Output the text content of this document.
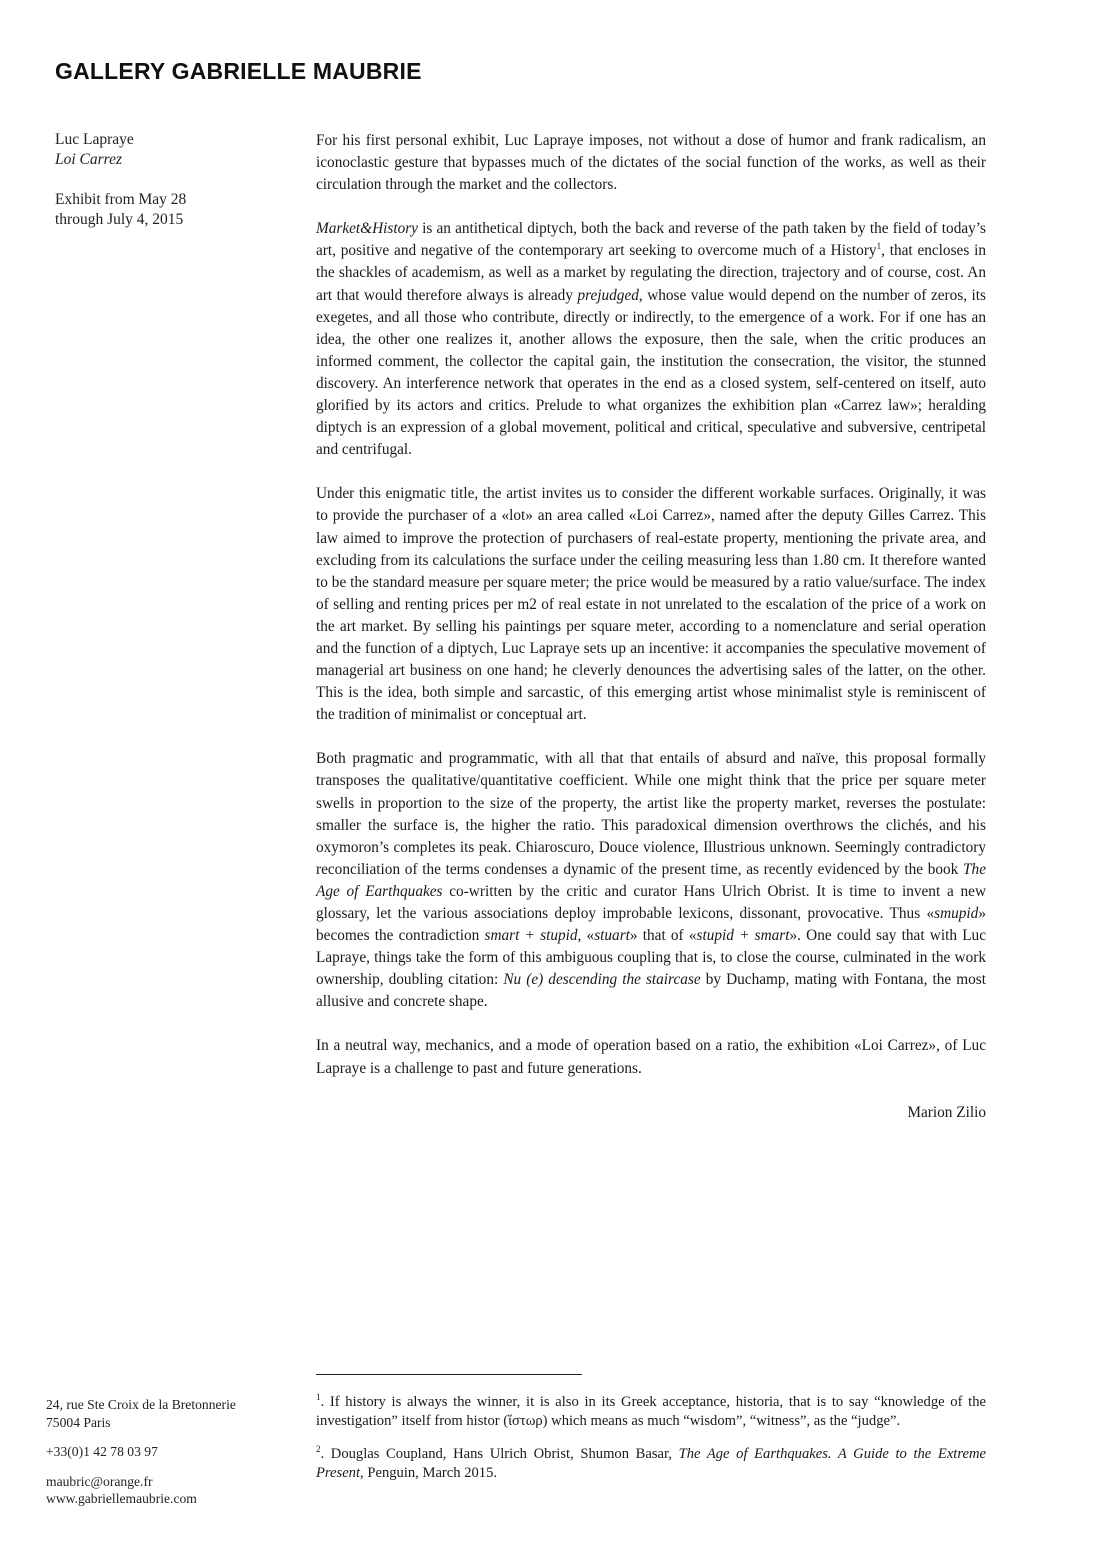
GALLERY GABRIELLE MAUBRIE
Luc Lapraye
Loi Carrez
Exhibit from May 28
through July 4, 2015

For his first personal exhibit, Luc Lapraye imposes, not without a dose of humor and frank radicalism, an iconoclastic gesture that bypasses much of the dictates of the social function of the works, as well as their circulation through the market and the collectors.

Market&History is an antithetical diptych, both the back and reverse of the path taken by the field of today’s art, positive and negative of the contemporary art seeking to overcome much of a History$^1$, that encloses in the shackles of academism, as well as a market by regulating the direction, trajectory and of course, cost. An art that would therefore always is already prejudged, whose value would depend on the number of zeros, its exegetes, and all those who contribute, directly or indirectly, to the emergence of a work. For if one has an idea, the other one realizes it, another allows the exposure, then the sale, when the critic produces an informed comment, the collector the capital gain, the institution the consecration, the visitor, the stunned discovery. An interference network that operates in the end as a closed system, self-centered on itself, auto glorified by its actors and critics. Prelude to what organizes the exhibition plan «Carrez law»; heralding diptych is an expression of a global movement, political and critical, speculative and subversive, centripetal and centrifugal.

Under this enigmatic title, the artist invites us to consider the different workable surfaces. Originally, it was to provide the purchaser of a «lot» an area called «Loi Carrez», named after the deputy Gilles Carrez. This law aimed to improve the protection of purchasers of real-estate property, mentioning the private area, and excluding from its calculations the surface under the ceiling measuring less than 1.80 cm. It therefore wanted to be the standard measure per square meter; the price would be measured by a ratio value/surface. The index of selling and renting prices per m2 of real estate in not unrelated to the escalation of the price of a work on the art market. By selling his paintings per square meter, according to a nomenclature and serial operation and the function of a diptych, Luc Lapraye sets up an incentive: it accompanies the speculative movement of managerial art business on one hand; he cleverly denounces the advertising sales of the latter, on the other. This is the idea, both simple and sarcastic, of this emerging artist whose minimalist style is reminiscent of the tradition of minimalist or conceptual art.

Both pragmatic and programmatic, with all that that entails of absurd and naïve, this proposal formally transposes the qualitative/quantitative coefficient. While one might think that the price per square meter swells in proportion to the size of the property, the artist like the property market, reverses the postulate: smaller the surface is, the higher the ratio. This paradoxical dimension overthrows the clichés, and his oxymoron’s completes its peak. Chiaroscuro, Douce violence, Illustrious unknown. Seemingly contradictory reconciliation of the terms condenses a dynamic of the present time, as recently evidenced by the book The Age of Earthquakes co-written by the critic and curator Hans Ulrich Obrist. It is time to invent a new glossary, let the various associations deploy improbable lexicons, dissonant, provocative. Thus «smupid» becomes the contradiction smart + stupid, «stuart» that of «stupid + smart». One could say that with Luc Lapraye, things take the form of this ambiguous coupling that is, to close the course, culminated in the work ownership, doubling citation: Nu (e) descending the staircase by Duchamp, mating with Fontana, the most allusive and concrete shape.

In a neutral way, mechanics, and a mode of operation based on a ratio, the exhibition «Loi Carrez», of Luc Lapraye is a challenge to past and future generations.

Marion Zilio

$^1$. If history is always the winner, it is also in its Greek acceptance, historia, that is to say “knowledge of the investigation” itself from histor (ἵστωρ) which means as much “wisdom”, “witness”, as the “judge”.

$^2$. Douglas Coupland, Hans Ulrich Obrist, Shumon Basar, The Age of Earthquakes. A Guide to the Extreme Present, Penguin, March 2015.

24, rue Ste Croix de la Bretonnerie
75004 Paris
+33(0)1 42 78 03 97
maubric@orange.fr
www.gabriellemaubrie.com
